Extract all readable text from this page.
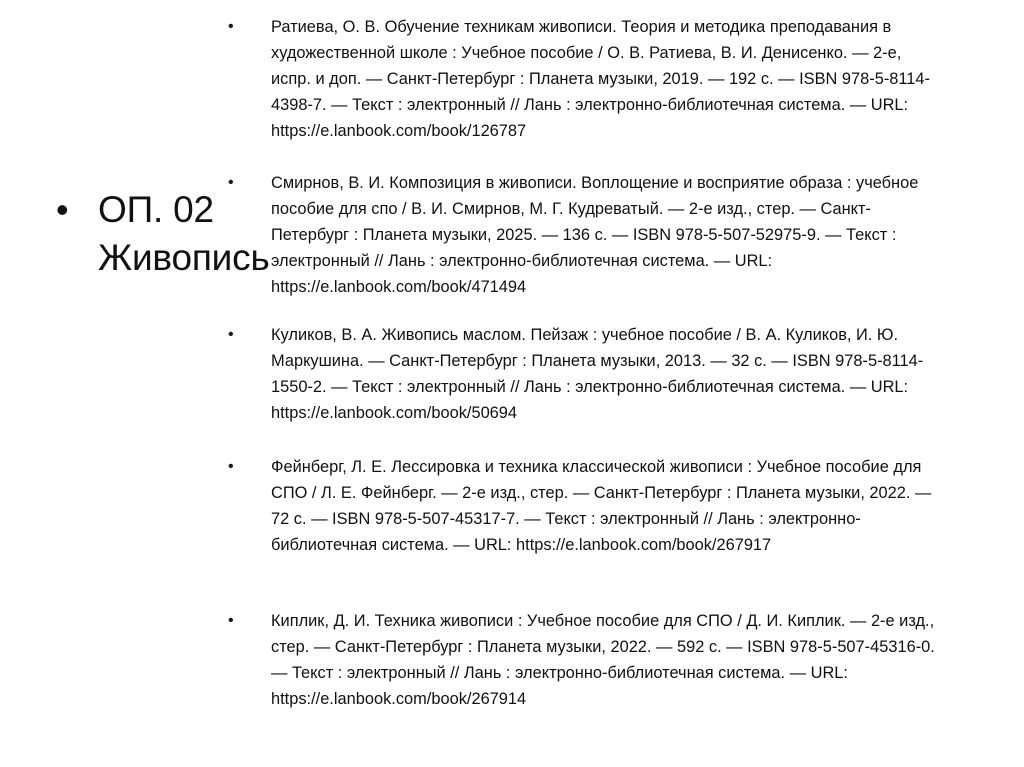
• ОП. 02 Живопись
• Ратиева, О. В. Обучение техникам живописи. Теория и методика преподавания в
художественной школе : Учебное пособие / О. В. Ратиева, В. И. Денисенко. — 2-е,
испр. и доп. — Санкт-Петербург : Планета музыки, 2019. — 192 с. — ISBN 978-5-8114-
4398-7. — Текст : электронный // Лань : электронно-библиотечная система. — URL:
https://e.lanbook.com/book/126787
• Смирнов, В. И. Композиция в живописи. Воплощение и восприятие образа : учебное
пособие для спо / В. И. Смирнов, М. Г. Кудреватый. — 2-е изд., стер. — Санкт-
Петербург : Планета музыки, 2025. — 136 с. — ISBN 978-5-507-52975-9. — Текст :
электронный // Лань : электронно-библиотечная система. — URL:
https://e.lanbook.com/book/471494
• Куликов, В. А. Живопись маслом. Пейзаж : учебное пособие / В. А. Куликов, И. Ю.
Маркушина. — Санкт-Петербург : Планета музыки, 2013. — 32 с. — ISBN 978-5-8114-
1550-2. — Текст : электронный // Лань : электронно-библиотечная система. — URL:
https://e.lanbook.com/book/50694
• Фейнберг, Л. Е. Лессировка и техника классической живописи : Учебное пособие для
СПО / Л. Е. Фейнберг. — 2-е изд., стер. — Санкт-Петербург : Планета музыки, 2022. —
72 с. — ISBN 978-5-507-45317-7. — Текст : электронный // Лань : электронно-
библиотечная система. — URL: https://e.lanbook.com/book/267917
• Киплик, Д. И. Техника живописи : Учебное пособие для СПО / Д. И. Киплик. — 2-е изд.,
стер. — Санкт-Петербург : Планета музыки, 2022. — 592 с. — ISBN 978-5-507-45316-0.
— Текст : электронный // Лань : электронно-библиотечная система. — URL:
https://e.lanbook.com/book/267914
